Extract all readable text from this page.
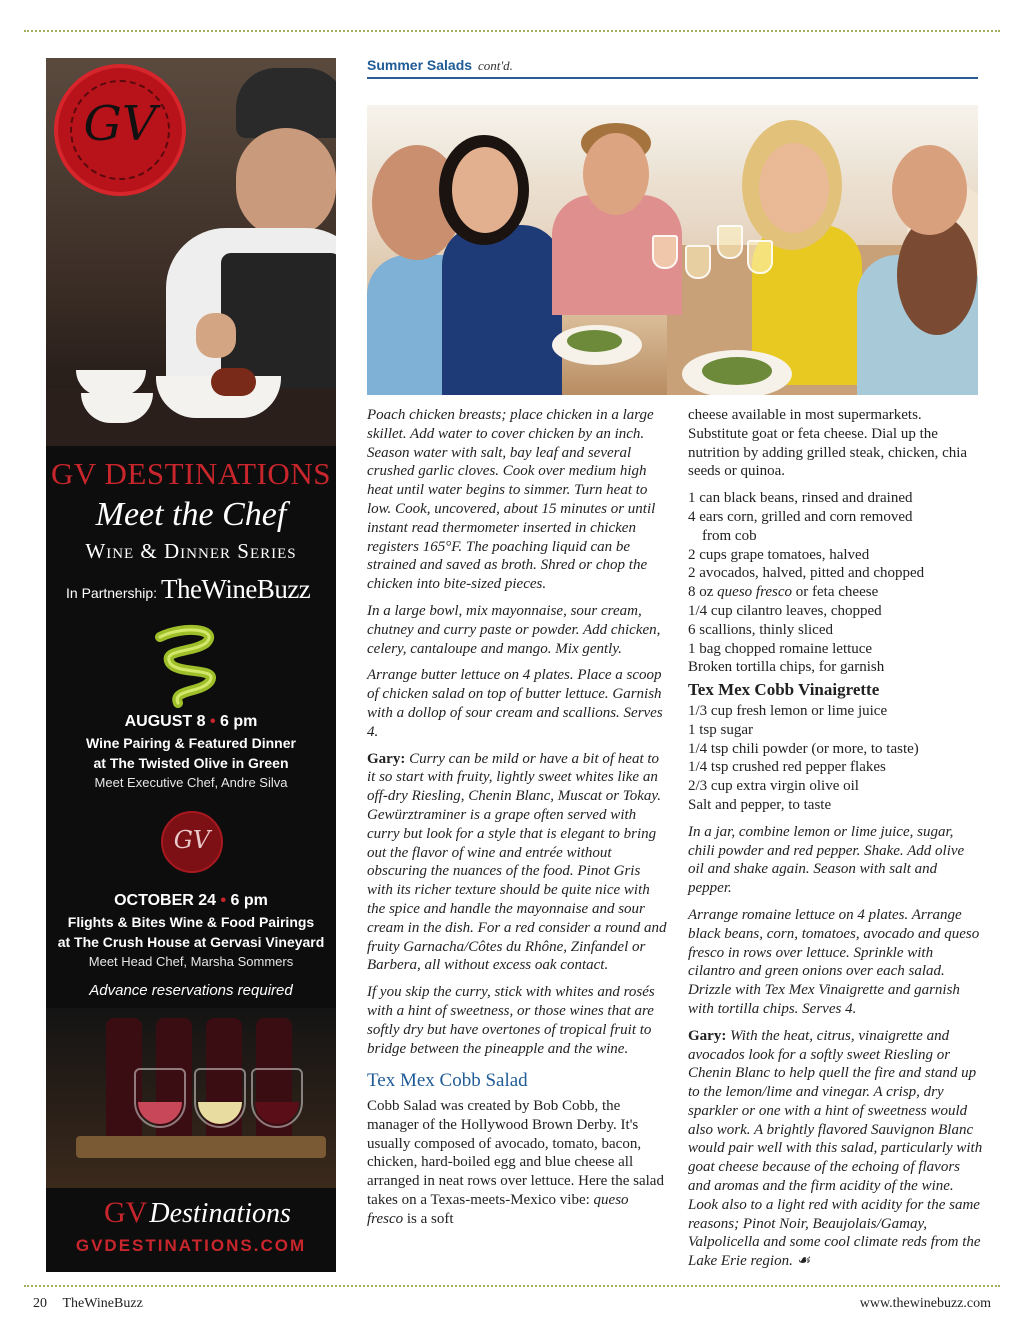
GV
GV DESTINATIONS
Meet the Chef
Wine & Dinner Series
In Partnership: TheWineBuzz
AUGUST 8 • 6 pm
Wine Pairing & Featured Dinner
at The Twisted Olive in Green
Meet Executive Chef, Andre Silva
GV
OCTOBER 24 • 6 pm
Flights & Bites Wine & Food Pairings
at The Crush House at Gervasi Vineyard
Meet Head Chef, Marsha Sommers
Advance reservations required
GVDestinations
GVDESTINATIONS.COM
Summer Salads cont'd.

Poach chicken breasts; place chicken in a large skillet. Add water to cover chicken by an inch. Season water with salt, bay leaf and several crushed garlic cloves. Cook over medium high heat until water begins to simmer. Turn heat to low. Cook, uncovered, about 15 minutes or until instant read thermometer inserted in chicken registers 165°F. The poaching liquid can be strained and saved as broth. Shred or chop the chicken into bite-sized pieces.

In a large bowl, mix mayonnaise, sour cream, chutney and curry paste or powder. Add chicken, celery, cantaloupe and mango. Mix gently.

Arrange butter lettuce on 4 plates. Place a scoop of chicken salad on top of butter lettuce. Garnish with a dollop of sour cream and scallions. Serves 4.

Gary: Curry can be mild or have a bit of heat to it so start with fruity, lightly sweet whites like an off-dry Riesling, Chenin Blanc, Muscat or Tokay. Gewürztraminer is a grape often served with curry but look for a style that is elegant to bring out the flavor of wine and entrée without obscuring the nuances of the food. Pinot Gris with its richer texture should be quite nice with the spice and handle the mayonnaise and sour cream in the dish. For a red consider a round and fruity Garnacha/Côtes du Rhône, Zinfandel or Barbera, all without excess oak contact.

If you skip the curry, stick with whites and rosés with a hint of sweetness, or those wines that are softly dry but have overtones of tropical fruit to bridge between the pineapple and the wine.

Tex Mex Cobb Salad

Cobb Salad was created by Bob Cobb, the manager of the Hollywood Brown Derby. It's usually composed of avocado, tomato, bacon, chicken, hard-boiled egg and blue cheese all arranged in neat rows over lettuce. Here the salad takes on a Texas-meets-Mexico vibe: queso fresco is a soft

cheese available in most supermarkets. Substitute goat or feta cheese. Dial up the nutrition by adding grilled steak, chicken, chia seeds or quinoa.

1 can black beans, rinsed and drained
4 ears corn, grilled and corn removed
from cob
2 cups grape tomatoes, halved
2 avocados, halved, pitted and chopped
8 oz queso fresco or feta cheese
1/4 cup cilantro leaves, chopped
6 scallions, thinly sliced
1 bag chopped romaine lettuce
Broken tortilla chips, for garnish
Tex Mex Cobb Vinaigrette
1/3 cup fresh lemon or lime juice
1 tsp sugar
1/4 tsp chili powder (or more, to taste)
1/4 tsp crushed red pepper flakes
2/3 cup extra virgin olive oil
Salt and pepper, to taste

In a jar, combine lemon or lime juice, sugar, chili powder and red pepper. Shake. Add olive oil and shake again. Season with salt and pepper.

Arrange romaine lettuce on 4 plates. Arrange black beans, corn, tomatoes, avocado and queso fresco in rows over lettuce. Sprinkle with cilantro and green onions over each salad. Drizzle with Tex Mex Vinaigrette and garnish with tortilla chips. Serves 4.

Gary: With the heat, citrus, vinaigrette and avocados look for a softly sweet Riesling or Chenin Blanc to help quell the fire and stand up to the lemon/lime and vinegar. A crisp, dry sparkler or one with a hint of sweetness would also work. A brightly flavored Sauvignon Blanc would pair well with this salad, particularly with goat cheese because of the echoing of flavors and aromas and the firm acidity of the wine. Look also to a light red with acidity for the same reasons; Pinot Noir, Beaujolais/Gamay, Valpolicella and some cool climate reds from the Lake Erie region. ☙

20 TheWineBuzz	www.thewinebuzz.com
